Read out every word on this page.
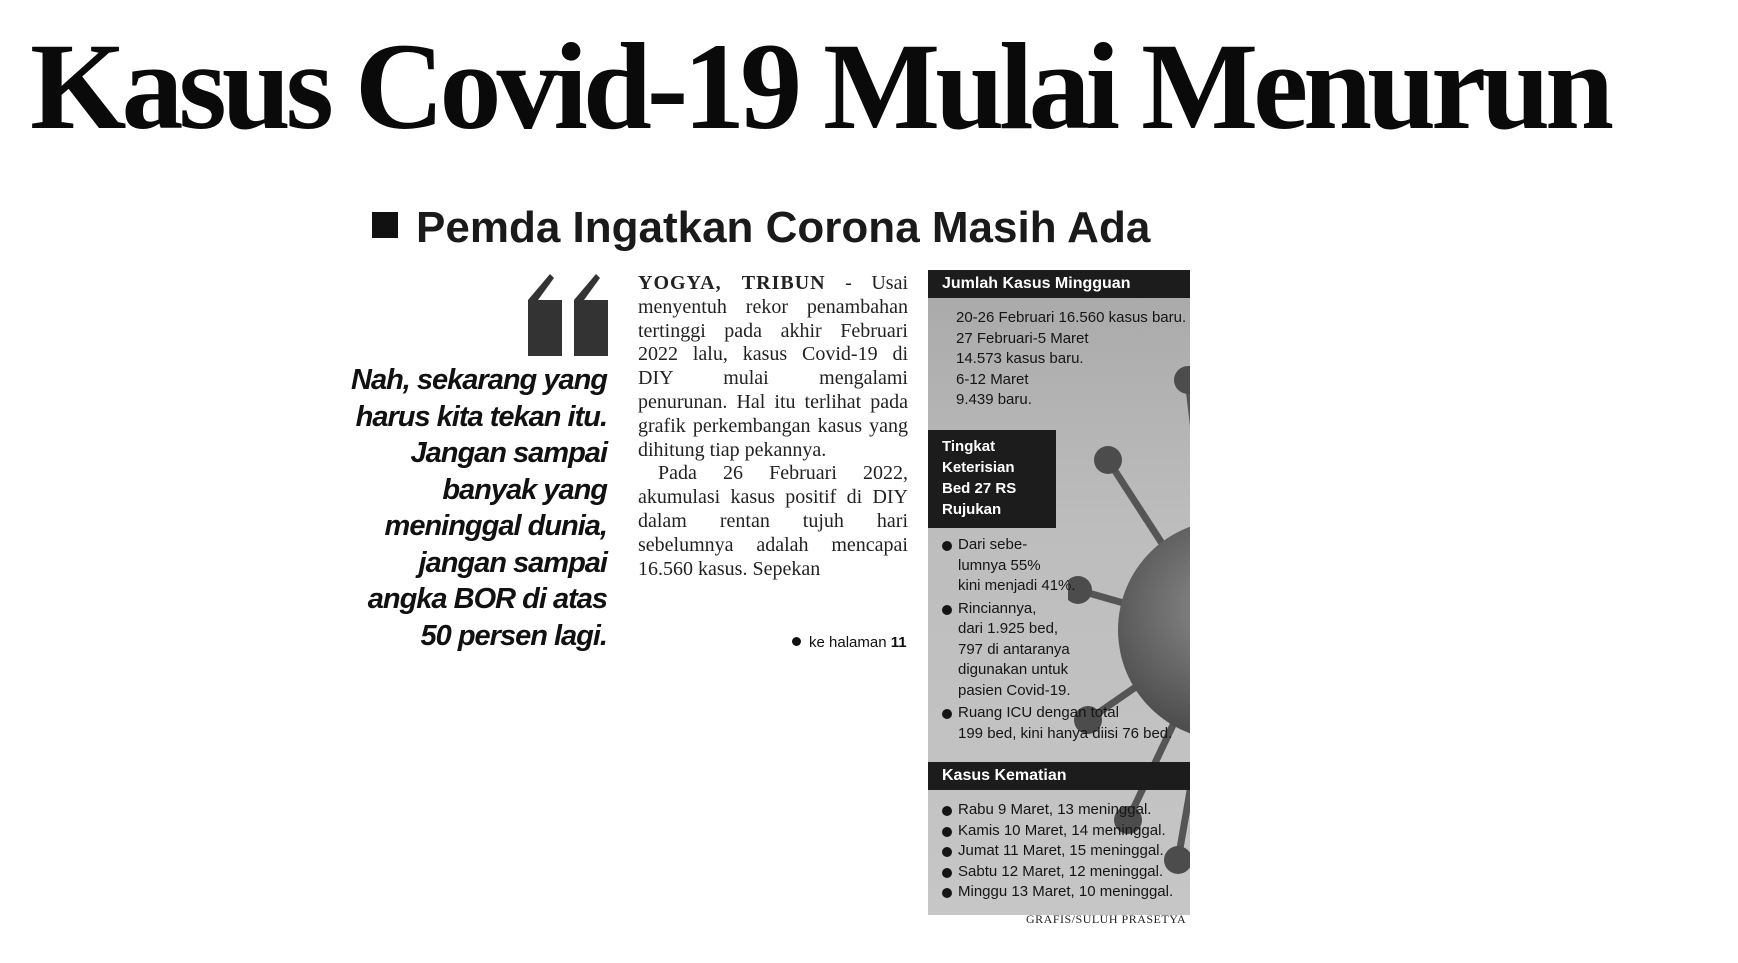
Kasus Covid-19 Mulai Menurun
Pemda Ingatkan Corona Masih Ada
Nah, sekarang yang harus kita tekan itu. Jangan sampai banyak yang meninggal dunia, jangan sampai angka BOR di atas 50 persen lagi.

YOGYA, TRIBUN - Usai menyentuh rekor penambahan tertinggi pada akhir Februari 2022 lalu, kasus Covid-19 di DIY mulai mengalami penurunan. Hal itu terlihat pada grafik perkembangan kasus yang dihitung tiap pekannya.

Pada 26 Februari 2022, akumulasi kasus positif di DIY dalam rentan tujuh hari sebelumnya adalah mencapai 16.560 kasus. Sepekan

ke halaman 11
Jumlah Kasus Mingguan
20-26 Februari 16.560 kasus baru.
27 Februari-5 Maret
14.573 kasus baru.
6-12 Maret
9.439 baru.
Tingkat
Keterisian
Bed 27 RS
Rujukan
Dari sebe-
lumnya 55%
kini menjadi 41%.
Rinciannya,
dari 1.925 bed,
797 di antaranya
digunakan untuk
pasien Covid-19.
Ruang ICU dengan total
199 bed, kini hanya diisi 76 bed.
Kasus Kematian
Rabu 9 Maret, 13 meninggal.
Kamis 10 Maret, 14 meninggal.
Jumat 11 Maret, 15 meninggal.
Sabtu 12 Maret, 12 meninggal.
Minggu 13 Maret, 10 meninggal.
GRAFIS/SULUH PRASETYA
